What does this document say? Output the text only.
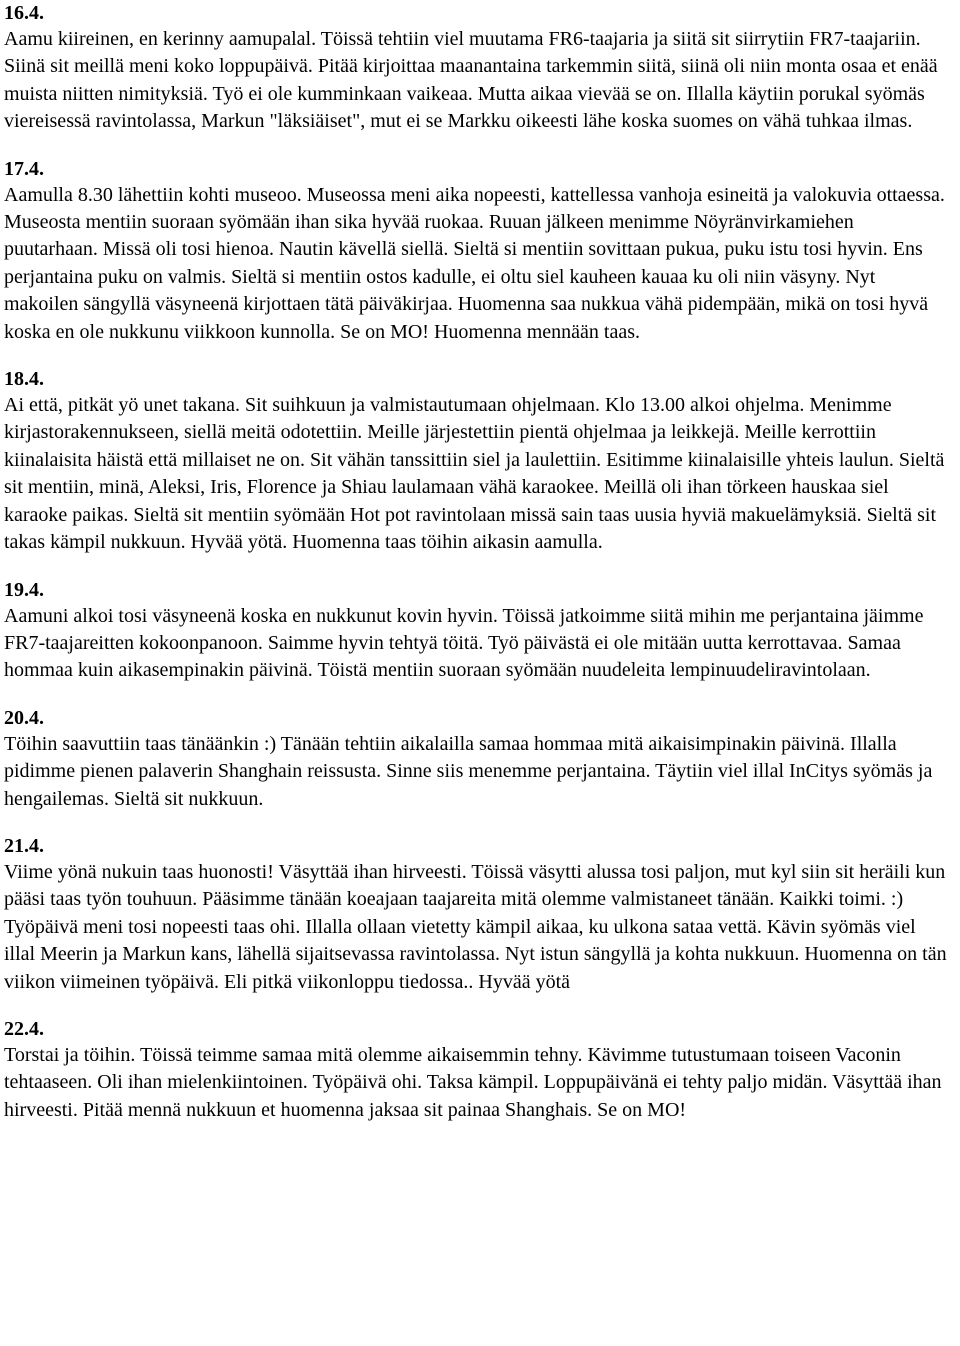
16.4.

Aamu kiireinen, en kerinny aamupalal. Töissä tehtiin viel muutama FR6-taajaria ja siitä sit siirrytiin FR7-taajariin. Siinä sit meillä meni koko loppupäivä. Pitää kirjoittaa maanantaina tarkemmin siitä, siinä oli niin monta osaa et enää muista niitten nimityksiä. Työ ei ole kumminkaan vaikeaa. Mutta aikaa vievää se on. Illalla käytiin porukal syömäs viereisessä ravintolassa, Markun "läksiäiset", mut ei se Markku oikeesti lähe koska suomes on vähä tuhkaa ilmas.

17.4.

Aamulla 8.30 lähettiin kohti museoo. Museossa meni aika nopeesti, kattellessa vanhoja esineitä ja valokuvia ottaessa. Museosta mentiin suoraan syömään ihan sika hyvää ruokaa. Ruuan jälkeen menimme Nöyränvirkamiehen puutarhaan. Missä oli tosi hienoa. Nautin kävellä siellä. Sieltä si mentiin sovittaan pukua, puku istu tosi hyvin. Ens perjantaina puku on valmis. Sieltä si mentiin ostos kadulle, ei oltu siel kauheen kauaa ku oli niin väsyny. Nyt makoilen sängyllä väsyneenä kirjottaen tätä päiväkirjaa. Huomenna saa nukkua vähä pidempään, mikä on tosi hyvä koska en ole nukkunu viikkoon kunnolla. Se on MO! Huomenna mennään taas.

18.4.

Ai että, pitkät yö unet takana. Sit suihkuun ja valmistautumaan ohjelmaan. Klo 13.00 alkoi ohjelma. Menimme kirjastorakennukseen, siellä meitä odotettiin. Meille järjestettiin pientä ohjelmaa ja leikkejä. Meille kerrottiin kiinalaisita häistä että millaiset ne on. Sit vähän tanssittiin siel ja laulettiin. Esitimme kiinalaisille yhteis laulun. Sieltä sit mentiin, minä, Aleksi, Iris, Florence ja Shiau laulamaan vähä karaokee. Meillä oli ihan törkeen hauskaa siel karaoke paikas. Sieltä sit mentiin syömään Hot pot ravintolaan missä sain taas uusia hyviä makuelämyksiä. Sieltä sit takas kämpil nukkuun. Hyvää yötä. Huomenna taas töihin aikasin aamulla.

19.4.

Aamuni alkoi tosi väsyneenä koska en nukkunut kovin hyvin. Töissä jatkoimme siitä mihin me perjantaina jäimme FR7-taajareitten kokoonpanoon. Saimme hyvin tehtyä töitä. Työ päivästä ei ole mitään uutta kerrottavaa. Samaa hommaa kuin aikasempinakin päivinä. Töistä mentiin suoraan syömään nuudeleita lempinuudeliravintolaan.

20.4.

Töihin saavuttiin taas tänäänkin :) Tänään tehtiin aikalailla samaa hommaa mitä aikaisimpinakin päivinä. Illalla pidimme pienen palaverin Shanghain reissusta. Sinne siis menemme perjantaina. Täytiin viel illal InCitys syömäs ja hengailemas. Sieltä sit nukkuun.

21.4.

Viime yönä nukuin taas huonosti! Väsyttää ihan hirveesti. Töissä väsytti alussa tosi paljon, mut kyl siin sit heräili kun pääsi taas työn touhuun. Pääsimme tänään koeajaan taajareita mitä olemme valmistaneet tänään. Kaikki toimi. :) Työpäivä meni tosi nopeesti taas ohi. Illalla ollaan vietetty kämpil aikaa, ku ulkona sataa vettä. Kävin syömäs viel illal Meerin ja Markun kans, lähellä sijaitsevassa ravintolassa. Nyt istun sängyllä ja kohta nukkuun. Huomenna on tän viikon viimeinen työpäivä. Eli pitkä viikonloppu tiedossa.. Hyvää yötä

22.4.

Torstai ja töihin. Töissä teimme samaa mitä olemme aikaisemmin tehny. Kävimme tutustumaan toiseen Vaconin tehtaaseen. Oli ihan mielenkiintoinen. Työpäivä ohi. Taksa kämpil. Loppupäivänä ei tehty paljo midän. Väsyttää ihan hirveesti. Pitää mennä nukkuun et huomenna jaksaa sit painaa Shanghais. Se on MO!
